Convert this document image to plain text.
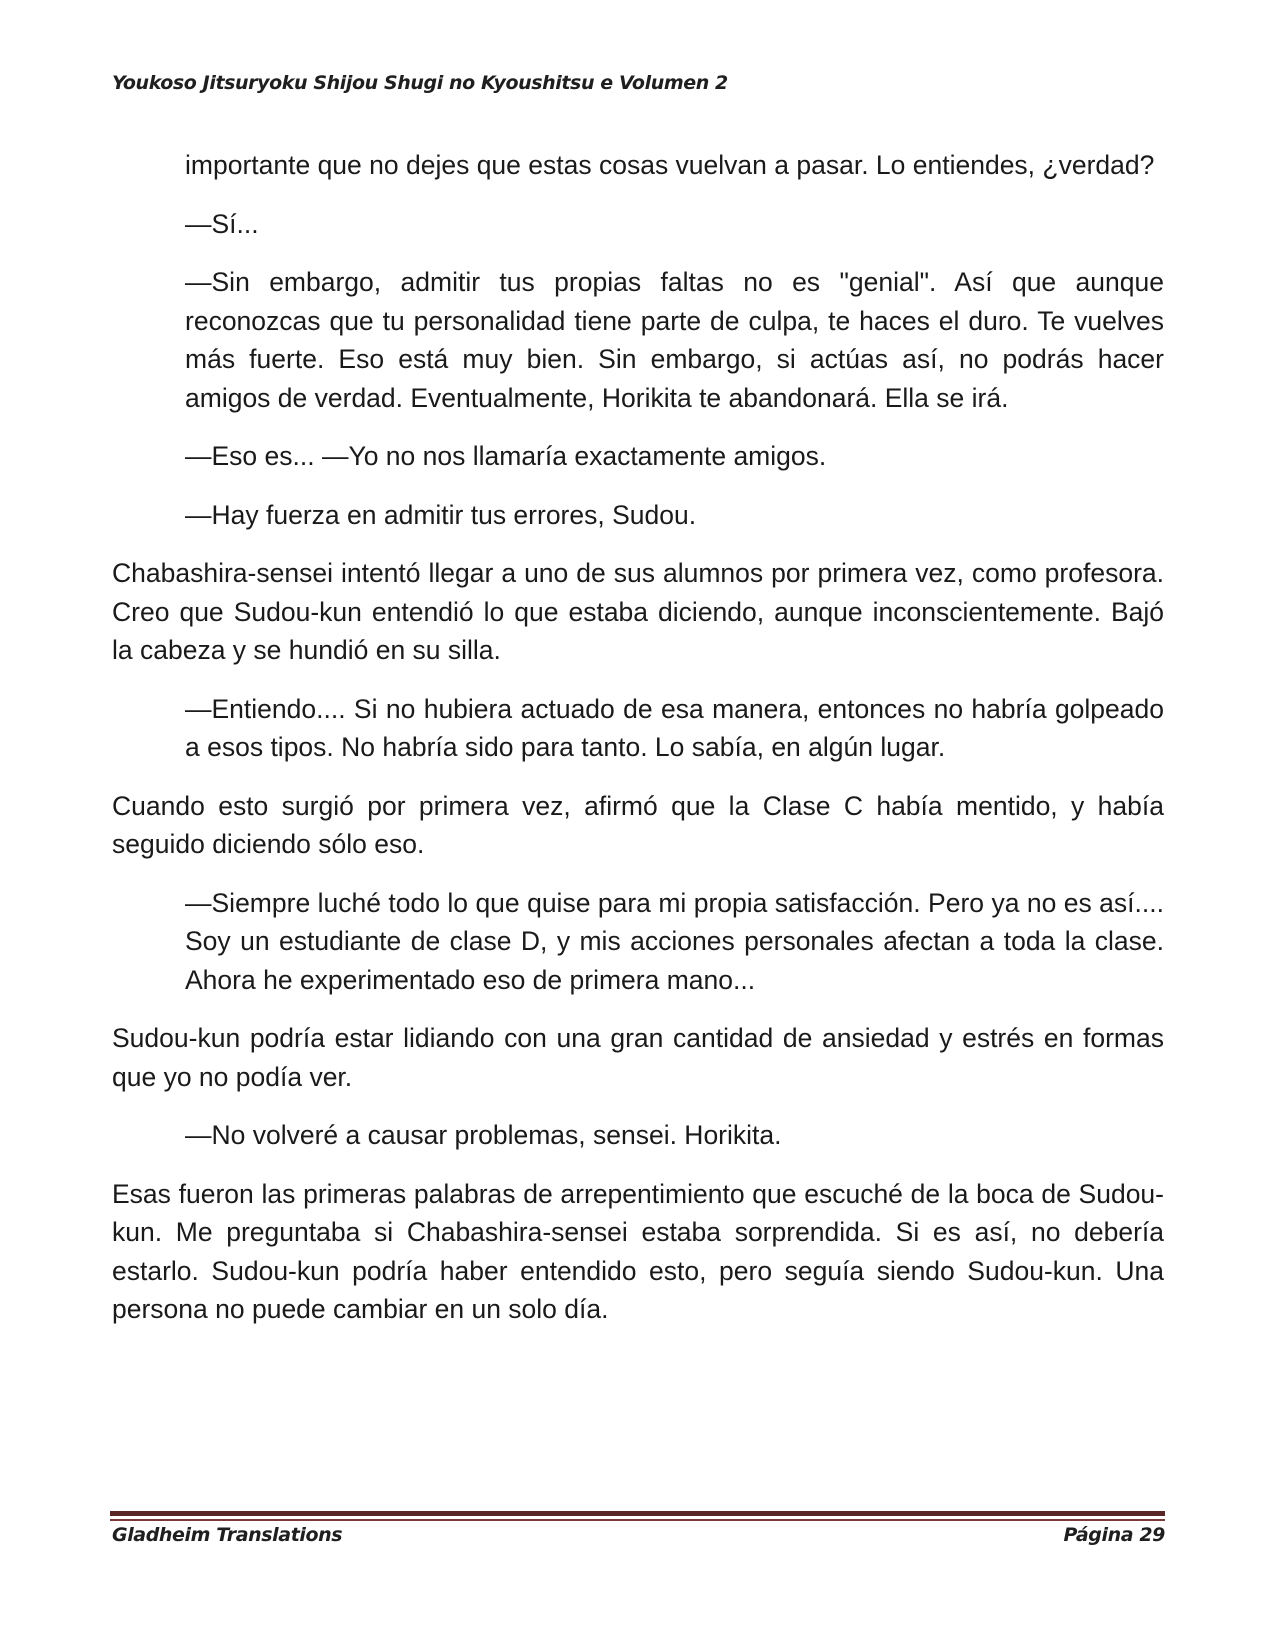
Youkoso Jitsuryoku Shijou Shugi no Kyoushitsu e Volumen 2

importante que no dejes que estas cosas vuelvan a pasar. Lo entiendes, ¿verdad?

—Sí...

—Sin embargo, admitir tus propias faltas no es "genial". Así que aunque reconozcas que tu personalidad tiene parte de culpa, te haces el duro. Te vuelves más fuerte. Eso está muy bien. Sin embargo, si actúas así, no podrás hacer amigos de verdad. Eventualmente, Horikita te abandonará. Ella se irá.

—Eso es... —Yo no nos llamaría exactamente amigos.

—Hay fuerza en admitir tus errores, Sudou.

Chabashira-sensei intentó llegar a uno de sus alumnos por primera vez, como profesora. Creo que Sudou-kun entendió lo que estaba diciendo, aunque inconscientemente. Bajó la cabeza y se hundió en su silla.

—Entiendo.... Si no hubiera actuado de esa manera, entonces no habría golpeado a esos tipos. No habría sido para tanto. Lo sabía, en algún lugar.

Cuando esto surgió por primera vez, afirmó que la Clase C había mentido, y había seguido diciendo sólo eso.

—Siempre luché todo lo que quise para mi propia satisfacción. Pero ya no es así.... Soy un estudiante de clase D, y mis acciones personales afectan a toda la clase. Ahora he experimentado eso de primera mano...

Sudou-kun podría estar lidiando con una gran cantidad de ansiedad y estrés en formas que yo no podía ver.

—No volveré a causar problemas, sensei. Horikita.

Esas fueron las primeras palabras de arrepentimiento que escuché de la boca de Sudou-kun. Me preguntaba si Chabashira-sensei estaba sorprendida. Si es así, no debería estarlo. Sudou-kun podría haber entendido esto, pero seguía siendo Sudou-kun. Una persona no puede cambiar en un solo día.

Gladheim Translations	Página 29
